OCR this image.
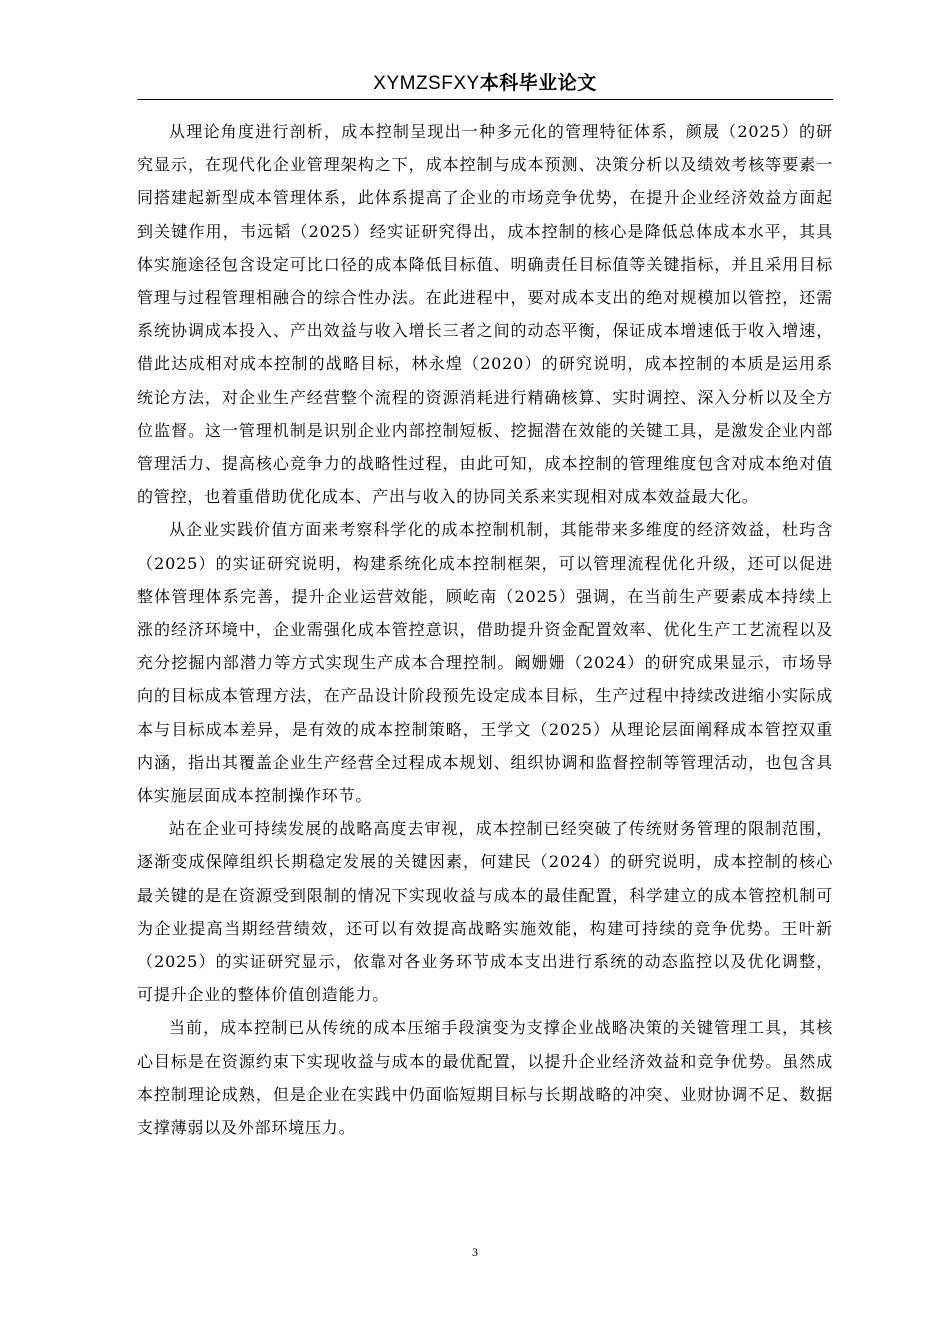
XYMZSFXY本科毕业论文

从理论角度进行剖析，成本控制呈现出一种多元化的管理特征体系，颜晟（2025）的研究显示，在现代化企业管理架构之下，成本控制与成本预测、决策分析以及绩效考核等要素一同搭建起新型成本管理体系，此体系提高了企业的市场竞争优势，在提升企业经济效益方面起到关键作用，韦远韬（2025）经实证研究得出，成本控制的核心是降低总体成本水平，其具体实施途径包含设定可比口径的成本降低目标值、明确责任目标值等关键指标，并且采用目标管理与过程管理相融合的综合性办法。在此进程中，要对成本支出的绝对规模加以管控，还需系统协调成本投入、产出效益与收入增长三者之间的动态平衡，保证成本增速低于收入增速，借此达成相对成本控制的战略目标，林永煌（2020）的研究说明，成本控制的本质是运用系统论方法，对企业生产经营整个流程的资源消耗进行精确核算、实时调控、深入分析以及全方位监督。这一管理机制是识别企业内部控制短板、挖掘潜在效能的关键工具，是激发企业内部管理活力、提高核心竞争力的战略性过程，由此可知，成本控制的管理维度包含对成本绝对值的管控，也着重借助优化成本、产出与收入的协同关系来实现相对成本效益最大化。

从企业实践价值方面来考察科学化的成本控制机制，其能带来多维度的经济效益，杜玙含（2025）的实证研究说明，构建系统化成本控制框架，可以管理流程优化升级，还可以促进整体管理体系完善，提升企业运营效能，顾屹南（2025）强调，在当前生产要素成本持续上涨的经济环境中，企业需强化成本管控意识，借助提升资金配置效率、优化生产工艺流程以及充分挖掘内部潜力等方式实现生产成本合理控制。阚姗姗（2024）的研究成果显示，市场导向的目标成本管理方法，在产品设计阶段预先设定成本目标，生产过程中持续改进缩小实际成本与目标成本差异，是有效的成本控制策略，王学文（2025）从理论层面阐释成本管控双重内涵，指出其覆盖企业生产经营全过程成本规划、组织协调和监督控制等管理活动，也包含具体实施层面成本控制操作环节。

站在企业可持续发展的战略高度去审视，成本控制已经突破了传统财务管理的限制范围，逐渐变成保障组织长期稳定发展的关键因素，何建民（2024）的研究说明，成本控制的核心最关键的是在资源受到限制的情况下实现收益与成本的最佳配置，科学建立的成本管控机制可为企业提高当期经营绩效，还可以有效提高战略实施效能，构建可持续的竞争优势。王叶新（2025）的实证研究显示，依靠对各业务环节成本支出进行系统的动态监控以及优化调整，可提升企业的整体价值创造能力。

当前，成本控制已从传统的成本压缩手段演变为支撑企业战略决策的关键管理工具，其核心目标是在资源约束下实现收益与成本的最优配置，以提升企业经济效益和竞争优势。虽然成本控制理论成熟，但是企业在实践中仍面临短期目标与长期战略的冲突、业财协调不足、数据支撑薄弱以及外部环境压力。

3
